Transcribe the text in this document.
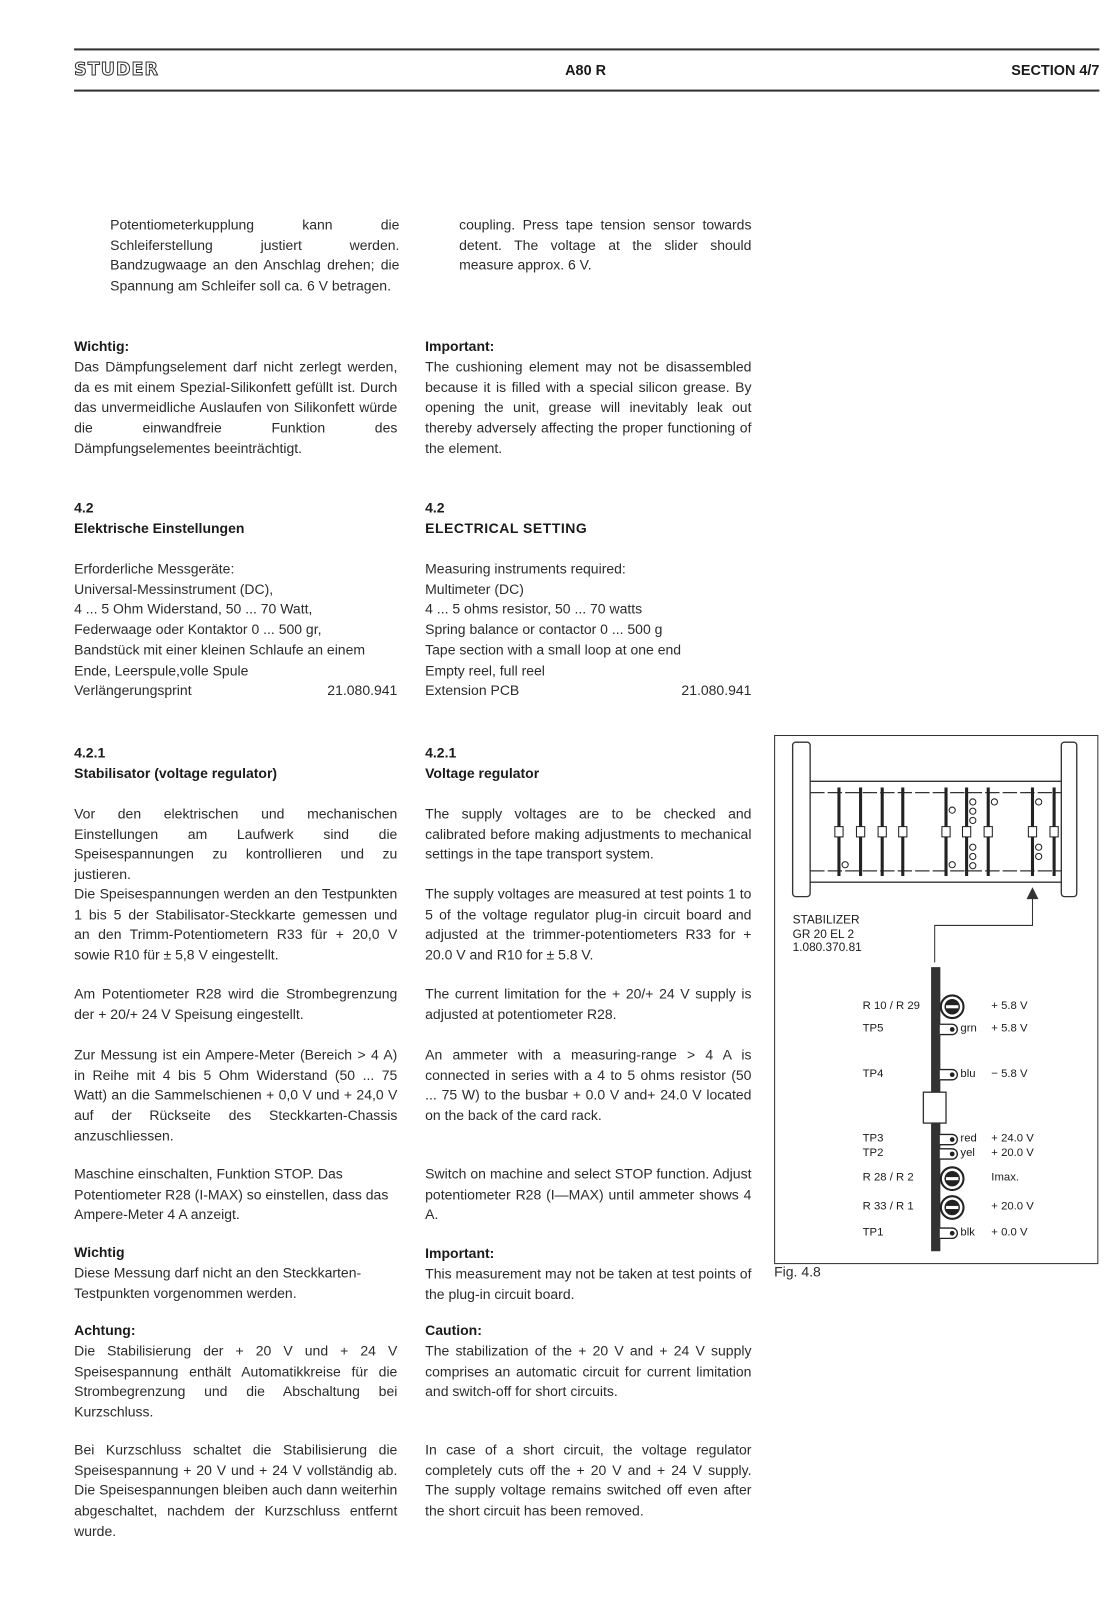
STUDER	A80 R	SECTION 4/7
Potentiometerkupplung kann die Schleiferstellung justiert werden. Bandzugwaage an den Anschlag drehen; die Spannung am Schleifer soll ca. 6 V betragen.
Wichtig:
Das Dämpfungselement darf nicht zerlegt werden, da es mit einem Spezial-Silikonfett gefüllt ist. Durch das unvermeidliche Auslaufen von Silikonfett würde die einwandfreie Funktion des Dämpfungselementes beeinträchtigt.
4.2
Elektrische Einstellungen
Erforderliche Messgeräte:
Universal-Messinstrument (DC),
4 ... 5 Ohm Widerstand, 50 ... 70 Watt,
Federwaage oder Kontaktor 0 ... 500 gr,
Bandstück mit einer kleinen Schlaufe an einem
Ende, Leerspule,volle Spule
Verlängerungsprint	21.080.941
4.2.1
Stabilisator (voltage regulator)
Vor den elektrischen und mechanischen Einstellungen am Laufwerk sind die Speisespannungen zu kontrollieren und zu justieren.
Die Speisespannungen werden an den Testpunkten 1 bis 5 der Stabilisator-Steckkarte gemessen und an den Trimm-Potentiometern R33 für + 20,0 V sowie R10 für ± 5,8 V eingestellt.
Am Potentiometer R28 wird die Strombegrenzung der + 20/+ 24 V Speisung eingestellt.
Zur Messung ist ein Ampere-Meter (Bereich > 4 A) in Reihe mit 4 bis 5 Ohm Widerstand (50 ... 75 Watt) an die Sammelschienen + 0,0 V und + 24,0 V auf der Rückseite des Steckkarten-Chassis anzuschliessen.
Maschine einschalten, Funktion STOP. Das Potentiometer R28 (I-MAX) so einstellen, dass das Ampere-Meter 4 A anzeigt.
Wichtig
Diese Messung darf nicht an den Steckkarten-Testpunkten vorgenommen werden.
Achtung:
Die Stabilisierung der + 20 V und + 24 V Speisespannung enthält Automatikkreise für die Strombegrenzung und die Abschaltung bei Kurzschluss.
Bei Kurzschluss schaltet die Stabilisierung die Speisespannung + 20 V und + 24 V vollständig ab. Die Speisespannungen bleiben auch dann weiterhin abgeschaltet, nachdem der Kurzschluss entfernt wurde.
coupling. Press tape tension sensor towards detent. The voltage at the slider should measure approx. 6 V.
Important:
The cushioning element may not be disassembled because it is filled with a special silicon grease. By opening the unit, grease will inevitably leak out thereby adversely affecting the proper functioning of the element.
4.2
ELECTRICAL SETTING
Measuring instruments required:
Multimeter (DC)
4 ... 5 ohms resistor, 50 ... 70 watts
Spring balance or contactor 0 ... 500 g
Tape section with a small loop at one end
Empty reel, full reel
Extension PCB	21.080.941
4.2.1
Voltage regulator
The supply voltages are to be checked and calibrated before making adjustments to mechanical settings in the tape transport system.
The supply voltages are measured at test points 1 to 5 of the voltage regulator plug-in circuit board and adjusted at the trimmer-potentiometers R33 for + 20.0 V and R10 for ± 5.8 V.
The current limitation for the + 20/+ 24 V supply is adjusted at potentiometer R28.
An ammeter with a measuring-range > 4 A is connected in series with a 4 to 5 ohms resistor (50 ... 75 W) to the busbar + 0.0 V and+ 24.0 V located on the back of the card rack.
Switch on machine and select STOP function. Adjust potentiometer R28 (I—MAX) until ammeter shows 4 A.
Important:
This measurement may not be taken at test points of the plug-in circuit board.
Caution:
The stabilization of the + 20 V and + 24 V supply comprises an automatic circuit for current limitation and switch-off for short circuits.
In case of a short circuit, the voltage regulator completely cuts off the + 20 V and + 24 V supply. The supply voltage remains switched off even after the short circuit has been removed.
STABILIZER
GR 20 EL 2
1.080.370.81
R 10 / R 29	+ 5.8 V
TP5	grn + 5.8 V
TP4	blu − 5.8 V
TP3	red + 24.0 V
TP2	yel + 20.0 V
R 28 / R 2	Imax.
R 33 / R 1	+ 20.0 V
TP1	blk + 0.0 V
Fig. 4.8
